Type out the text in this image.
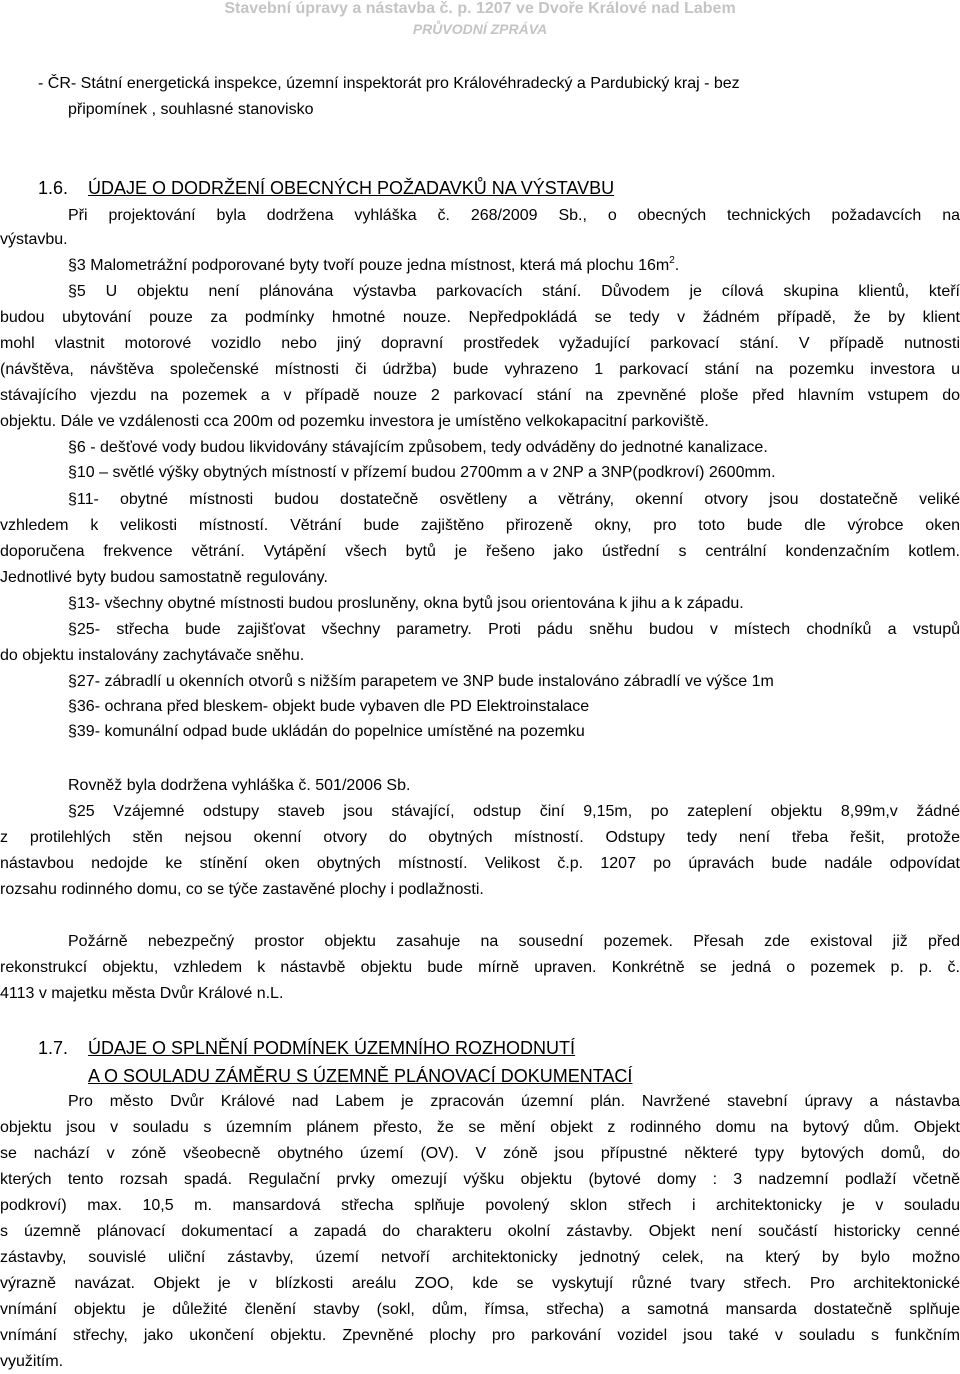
Stavební úpravy a nástavba č. p. 1207 ve Dvoře Králové nad Labem
PRŮVODNÍ ZPRÁVA
- ČR- Státní energetická inspekce, územní inspektorát pro Královéhradecký a Pardubický kraj - bez
připomínek , souhlasné stanovisko
1.6.	ÚDAJE O DODRŽENÍ OBECNÝCH POŽADAVKŮ NA VÝSTAVBU
Při projektování byla dodržena vyhláška č. 268/2009 Sb., o obecných technických požadavcích na
výstavbu.
§3 Malometrážní podporované byty tvoří pouze jedna místnost, která má plochu $16m^2$.
§5 U objektu není plánována výstavba parkovacích stání. Důvodem je cílová skupina klientů, kteří
budou ubytování pouze za podmínky hmotné nouze. Nepředpokládá se tedy v žádném případě, že by klient
mohl vlastnit motorové vozidlo nebo jiný dopravní prostředek vyžadující parkovací stání. V případě nutnosti
(návštěva, návštěva společenské místnosti či údržba) bude vyhrazeno 1 parkovací stání na pozemku investora u
stávajícího vjezdu na pozemek a v případě nouze 2 parkovací stání na zpevněné ploše před hlavním vstupem do
objektu. Dále ve vzdálenosti cca 200m od pozemku investora je umístěno velkokapacitní parkoviště.
§6 - dešťové vody budou likvidovány stávajícím způsobem, tedy odváděny do jednotné kanalizace.
§10 – světlé výšky obytných místností v přízemí budou 2700mm a v 2NP a 3NP(podkroví) 2600mm.
§11- obytné místnosti budou dostatečně osvětleny a větrány, okenní otvory jsou dostatečně veliké
vzhledem k velikosti místností. Větrání bude zajištěno přirozeně okny, pro toto bude dle výrobce oken
doporučena frekvence větrání. Vytápění všech bytů je řešeno jako ústřední s centrální kondenzačním kotlem.
Jednotlivé byty budou samostatně regulovány.
§13- všechny obytné místnosti budou prosluněny, okna bytů jsou orientována k jihu a k západu.
§25- střecha bude zajišťovat všechny parametry. Proti pádu sněhu budou v místech chodníků a vstupů
do objektu instalovány zachytávače sněhu.
§27- zábradlí u okenních otvorů s nižším parapetem ve 3NP bude instalováno zábradlí ve výšce 1m
§36- ochrana před bleskem- objekt bude vybaven dle PD Elektroinstalace
§39- komunální odpad bude ukládán do popelnice umístěné na pozemku
Rovněž byla dodržena vyhláška č. 501/2006 Sb.
§25 Vzájemné odstupy staveb jsou stávající, odstup činí 9,15m, po zateplení objektu 8,99m,v žádné
z protilehlých stěn nejsou okenní otvory do obytných místností. Odstupy tedy není třeba řešit, protože
nástavbou nedojde ke stínění oken obytných místností. Velikost č.p. 1207 po úpravách bude nadále odpovídat
rozsahu rodinného domu, co se týče zastavěné plochy i podlažnosti.
Požárně nebezpečný prostor objektu zasahuje na sousední pozemek. Přesah zde existoval již před
rekonstrukcí objektu, vzhledem k nástavbě objektu bude mírně upraven. Konkrétně se jedná o pozemek p. p. č.
4113 v majetku města Dvůr Králové n.L.
1.7.	ÚDAJE O SPLNĚNÍ PODMÍNEK ÚZEMNÍHO ROZHODNUTÍ
A O SOULADU ZÁMĚRU S ÚZEMNĚ PLÁNOVACÍ DOKUMENTACÍ
Pro město Dvůr Králové nad Labem je zpracován územní plán. Navržené stavební úpravy a nástavba
objektu jsou v souladu s územním plánem přesto, že se mění objekt z rodinného domu na bytový dům. Objekt
se nachází v zóně všeobecně obytného území (OV). V zóně jsou přípustné některé typy bytových domů, do
kterých tento rozsah spadá. Regulační prvky omezují výšku objektu (bytové domy : 3 nadzemní podlaží včetně
podkroví) max. 10,5 m. mansardová střecha splňuje povolený sklon střech i architektonicky je v souladu
s územně plánovací dokumentací a zapadá do charakteru okolní zástavby. Objekt není součástí historicky cenné
zástavby, souvislé uliční zástavby, území netvoří architektonicky jednotný celek, na který by bylo možno
výrazně navázat. Objekt je v blízkosti areálu ZOO, kde se vyskytují různé tvary střech. Pro architektonické
vnímání objektu je důležité členění stavby (sokl, dům, římsa, střecha) a samotná mansarda dostatečně splňuje
vnímání střechy, jako ukončení objektu. Zpevněné plochy pro parkování vozidel jsou také v souladu s funkčním
využitím.
